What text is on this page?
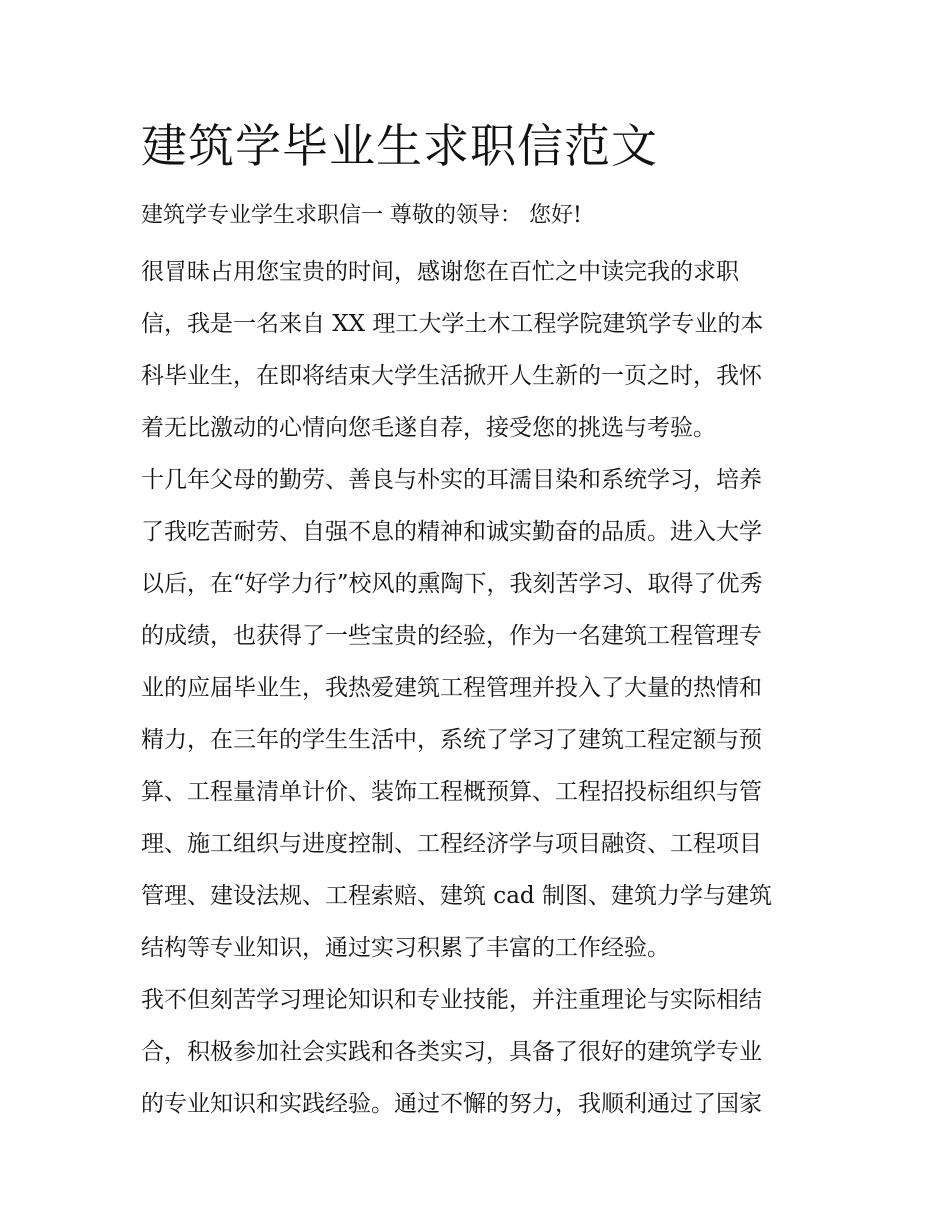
建筑学毕业生求职信范文

建筑学专业学生求职信一 尊敬的领导： 您好!

很冒昧占用您宝贵的时间，感谢您在百忙之中读完我的求职
信，我是一名来自 XX 理工大学土木工程学院建筑学专业的本
科毕业生，在即将结束大学生活掀开人生新的一页之时，我怀
着无比激动的心情向您毛遂自荐，接受您的挑选与考验。
十几年父母的勤劳、善良与朴实的耳濡目染和系统学习，培养
了我吃苦耐劳、自强不息的精神和诚实勤奋的品质。进入大学
以后，在“好学力行”校风的熏陶下，我刻苦学习、取得了优秀
的成绩，也获得了一些宝贵的经验，作为一名建筑工程管理专
业的应届毕业生，我热爱建筑工程管理并投入了大量的热情和
精力，在三年的学生生活中，系统了学习了建筑工程定额与预
算、工程量清单计价、装饰工程概预算、工程招投标组织与管
理、施工组织与进度控制、工程经济学与项目融资、工程项目
管理、建设法规、工程索赔、建筑 cad 制图、建筑力学与建筑
结构等专业知识，通过实习积累了丰富的工作经验。
我不但刻苦学习理论知识和专业技能，并注重理论与实际相结
合，积极参加社会实践和各类实习，具备了很好的建筑学专业
的专业知识和实践经验。通过不懈的努力，我顺利通过了国家
